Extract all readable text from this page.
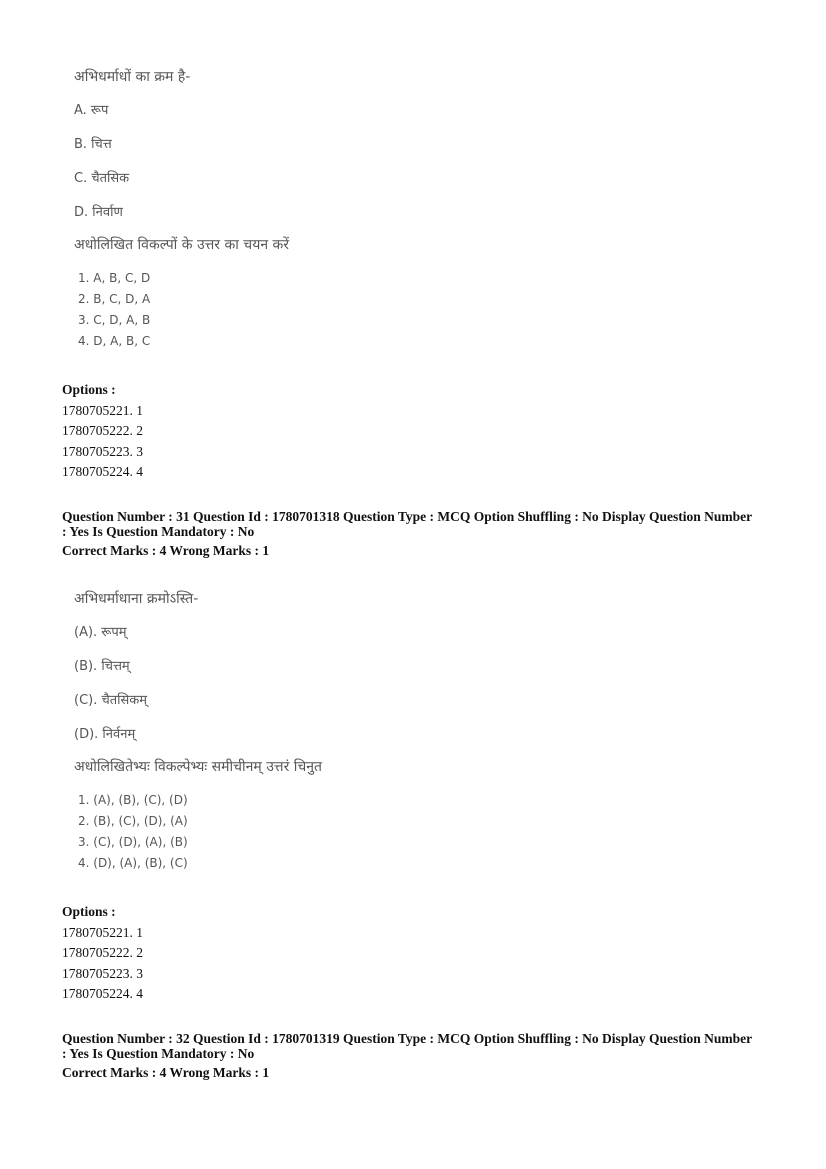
अभिधर्माधों का क्रम है-
A. रूप
B. चित्त
C. चैतसिक
D. निर्वाण
अधोलिखित विकल्पों के उत्तर का चयन करें
1. A, B, C, D
2. B, C, D, A
3. C, D, A, B
4. D, A, B, C
Options :
1780705221. 1
1780705222. 2
1780705223. 3
1780705224. 4
Question Number : 31 Question Id : 1780701318 Question Type : MCQ Option Shuffling : No Display Question Number
: Yes Is Question Mandatory : No
Correct Marks : 4 Wrong Marks : 1
अभिधर्माधाना क्रमोऽस्ति-
(A). रूपम्
(B). चित्तम्
(C). चैतसिकम्
(D). निर्वनम्
अधोलिखितेभ्यः विकल्पेभ्यः समीचीनम् उत्तरं चिनुत
1. (A), (B), (C), (D)
2. (B), (C), (D), (A)
3. (C), (D), (A), (B)
4. (D), (A), (B), (C)
Options :
1780705221. 1
1780705222. 2
1780705223. 3
1780705224. 4
Question Number : 32 Question Id : 1780701319 Question Type : MCQ Option Shuffling : No Display Question Number
: Yes Is Question Mandatory : No
Correct Marks : 4 Wrong Marks : 1
